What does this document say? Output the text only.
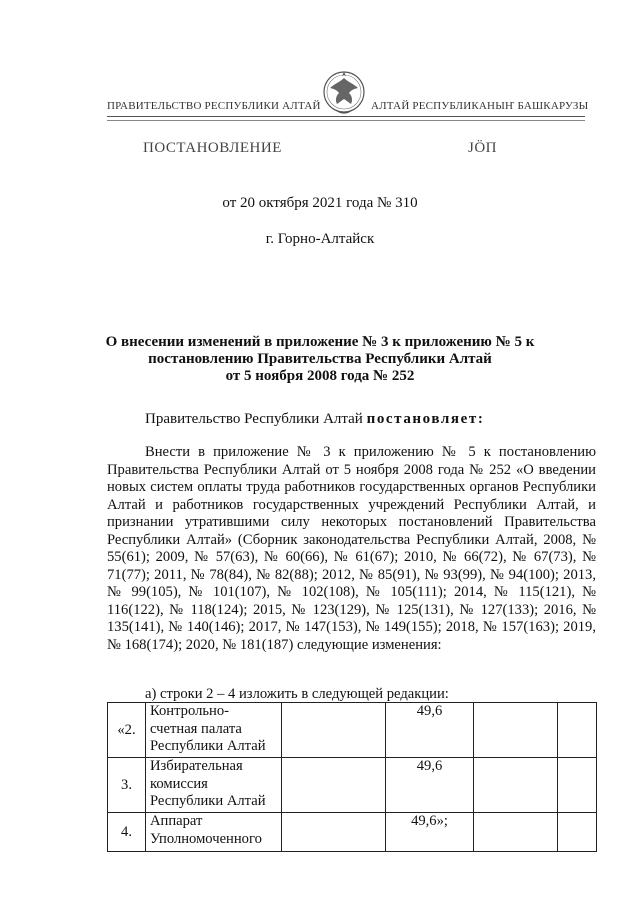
ПРАВИТЕЛЬСТВО РЕСПУБЛИКИ АЛТАЙ	АЛТАЙ РЕСПУБЛИКАНЫҤ БАШКАРУЗЫ
ПОСТАНОВЛЕНИЕ	ЈӦП
от 20 октября 2021 года № 310
г. Горно-Алтайск
О внесении изменений в приложение № 3 к приложению № 5 к
постановлению Правительства Республики Алтай
от 5 ноября 2008 года № 252
Правительство Республики Алтай постановляет:

Внести в приложение № 3 к приложению № 5 к постановлению Правительства Республики Алтай от 5 ноября 2008 года № 252 «О введении новых систем оплаты труда работников государственных органов Республики Алтай и работников государственных учреждений Республики Алтай, и признании утратившими силу некоторых постановлений Правительства Республики Алтай» (Сборник законодательства Республики Алтай, 2008, № 55(61); 2009, № 57(63), № 60(66), № 61(67); 2010, № 66(72), № 67(73), № 71(77); 2011, № 78(84), № 82(88); 2012, № 85(91), № 93(99), № 94(100); 2013, № 99(105), № 101(107), № 102(108), № 105(111); 2014, № 115(121), № 116(122), № 118(124); 2015, № 123(129), № 125(131), № 127(133); 2016, № 135(141), № 140(146); 2017, № 147(153), № 149(155); 2018, № 157(163); 2019, № 168(174); 2020, № 181(187) следующие изменения:

а) строки 2 – 4 изложить в следующей редакции:
«2.	Контрольно-
счетная палата
Республики Алтай		49,6		
3.	Избирательная
комиссия
Республики Алтай		49,6		
4.	Аппарат
Уполномоченного		49,6»;		
